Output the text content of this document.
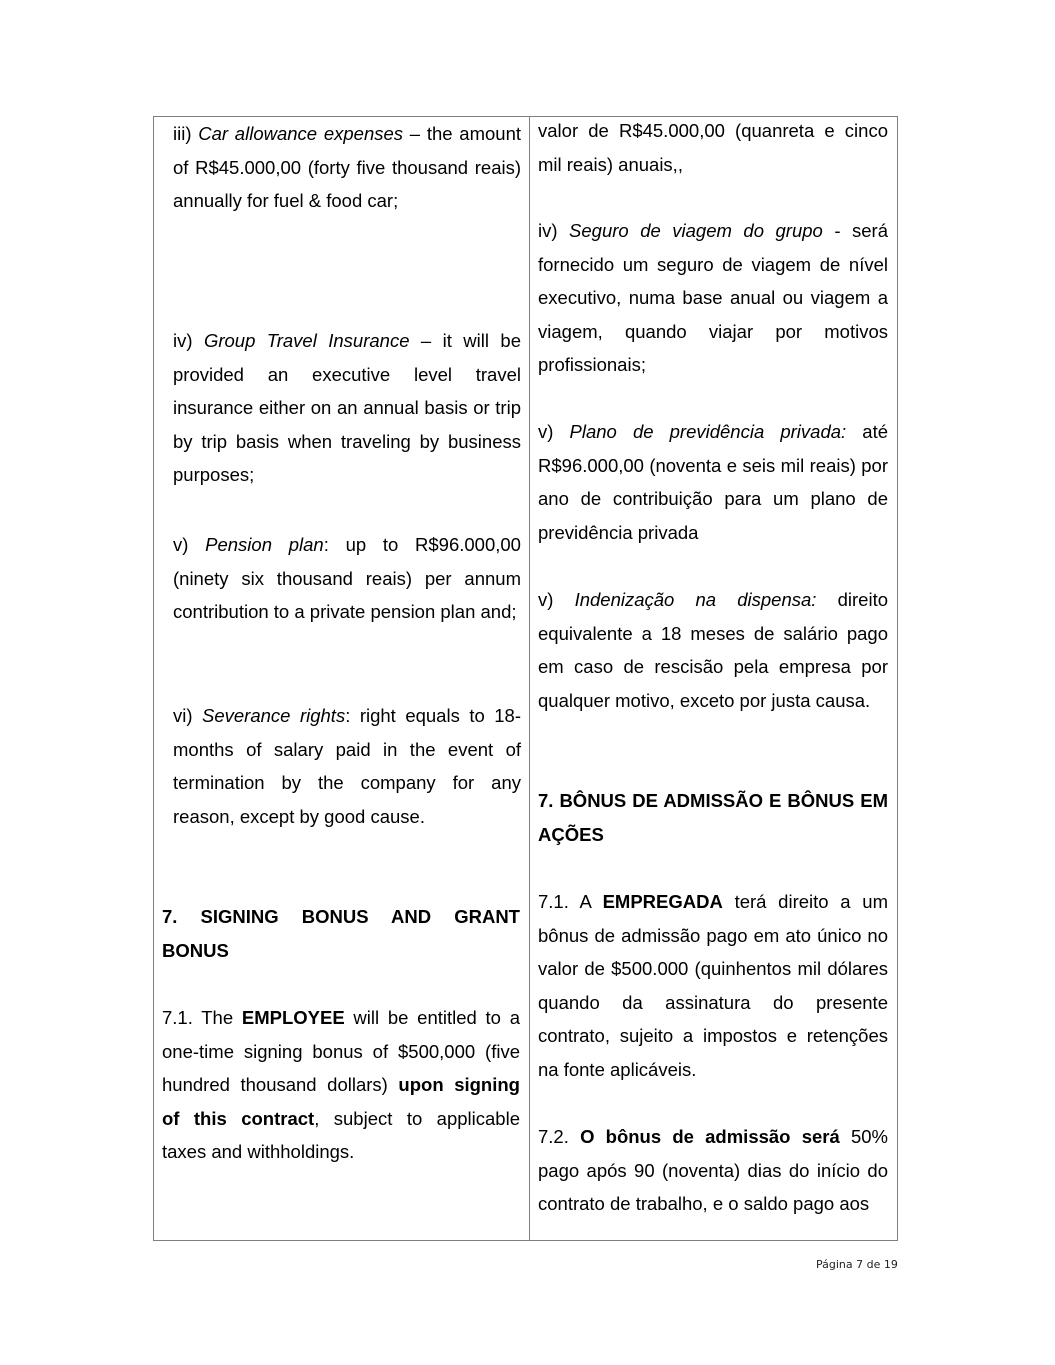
iii) Car allowance expenses – the amount of R$45.000,00 (forty five thousand reais) annually for fuel & food car;

iv) Group Travel Insurance – it will be provided an executive level travel insurance either on an annual basis or trip by trip basis when traveling by business purposes;

v) Pension plan: up to R$96.000,00 (ninety six thousand reais) per annum contribution to a private pension plan and;

vi) Severance rights: right equals to 18-months of salary paid in the event of termination by the company for any reason, except by good cause.

7. SIGNING BONUS AND GRANT BONUS

7.1. The EMPLOYEE will be entitled to a one-time signing bonus of $500,000 (five hundred thousand dollars) upon signing of this contract, subject to applicable taxes and withholdings.

valor de R$45.000,00 (quanreta e cinco mil reais) anuais,,

iv) Seguro de viagem do grupo - será fornecido um seguro de viagem de nível executivo, numa base anual ou viagem a viagem, quando viajar por motivos profissionais;

v) Plano de previdência privada: até R$96.000,00 (noventa e seis mil reais) por ano de contribuição para um plano de previdência privada

v) Indenização na dispensa: direito equivalente a 18 meses de salário pago em caso de rescisão pela empresa por qualquer motivo, exceto por justa causa.

7. BÔNUS DE ADMISSÃO E BÔNUS EM AÇÕES

7.1. A EMPREGADA terá direito a um bônus de admissão pago em ato único no valor de $500.000 (quinhentos mil dólares quando da assinatura do presente contrato, sujeito a impostos e retenções na fonte aplicáveis.

7.2. O bônus de admissão será 50% pago após 90 (noventa) dias do início do contrato de trabalho, e o saldo pago aos

Página 7 de 19
